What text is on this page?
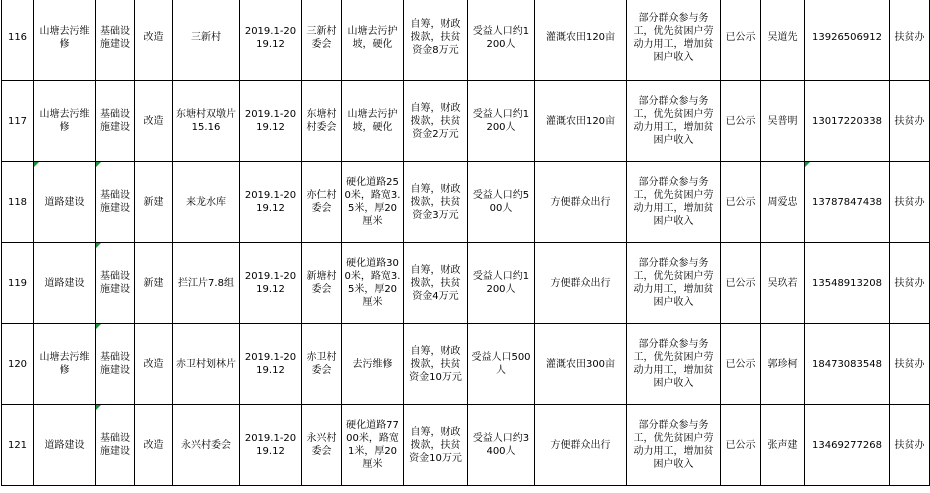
116	山塘去污维修	基础设施建设	改造	三新村	2019.1-2019.12	三新村委会	山塘去污护坡，硬化	自筹，财政拨款，扶贫资金8万元	受益人口约1200人	灌溉农田120亩	部分群众参与务工，优先贫困户劳动力用工，增加贫困户收入	已公示	吴道先	13926506912	扶贫办
117	山塘去污维修	基础设施建设	改造	东塘村双墩片15.16	2019.1-2019.12	东塘村村委会	山塘去污护坡，硬化	自筹，财政拨款，扶贫资金2万元	受益人口约1200人	灌溉农田120亩	部分群众参与务工，优先贫困户劳动力用工，增加贫困户收入	已公示	吴普明	13017220338	扶贫办
118	道路建设	基础设施建设	新建	来龙水库	2019.1-2019.12	亦仁村委会	硬化道路250米，路宽3.5米，厚20厘米	自筹，财政拨款，扶贫资金3万元	受益人口约500人	方便群众出行	部分群众参与务工，优先贫困户劳动力用工，增加贫困户收入	已公示	周爱忠	13787847438	扶贫办
119	道路建设	基础设施建设	新建	拦江片7.8组	2019.1-2019.12	新塘村委会	硬化道路300米，路宽3.5米，厚20厘米	自筹，财政拨款，扶贫资金4万元	受益人口约1200人	方便群众出行	部分群众参与务工，优先贫困户劳动力用工，增加贫困户收入	已公示	吴玖若	13548913208	扶贫办
120	山塘去污维修	基础设施建设	改造	赤卫村划林片	2019.1-2019.12	赤卫村委会	去污维修	自筹，财政拨款，扶贫资金10万元	受益人口500人	灌溉农田300亩	部分群众参与务工，优先贫困户劳动力用工，增加贫困户收入	已公示	郭珍柯	18473083548	扶贫办
121	道路建设	基础设施建设	改造	永兴村委会	2019.1-2019.12	永兴村委会	硬化道路7700米，路宽1米，厚20厘米	自筹，财政拨款，扶贫资金10万元	受益人口约3400人	方便群众出行	部分群众参与务工，优先贫困户劳动力用工，增加贫困户收入	已公示	张声建	13469277268	扶贫办
